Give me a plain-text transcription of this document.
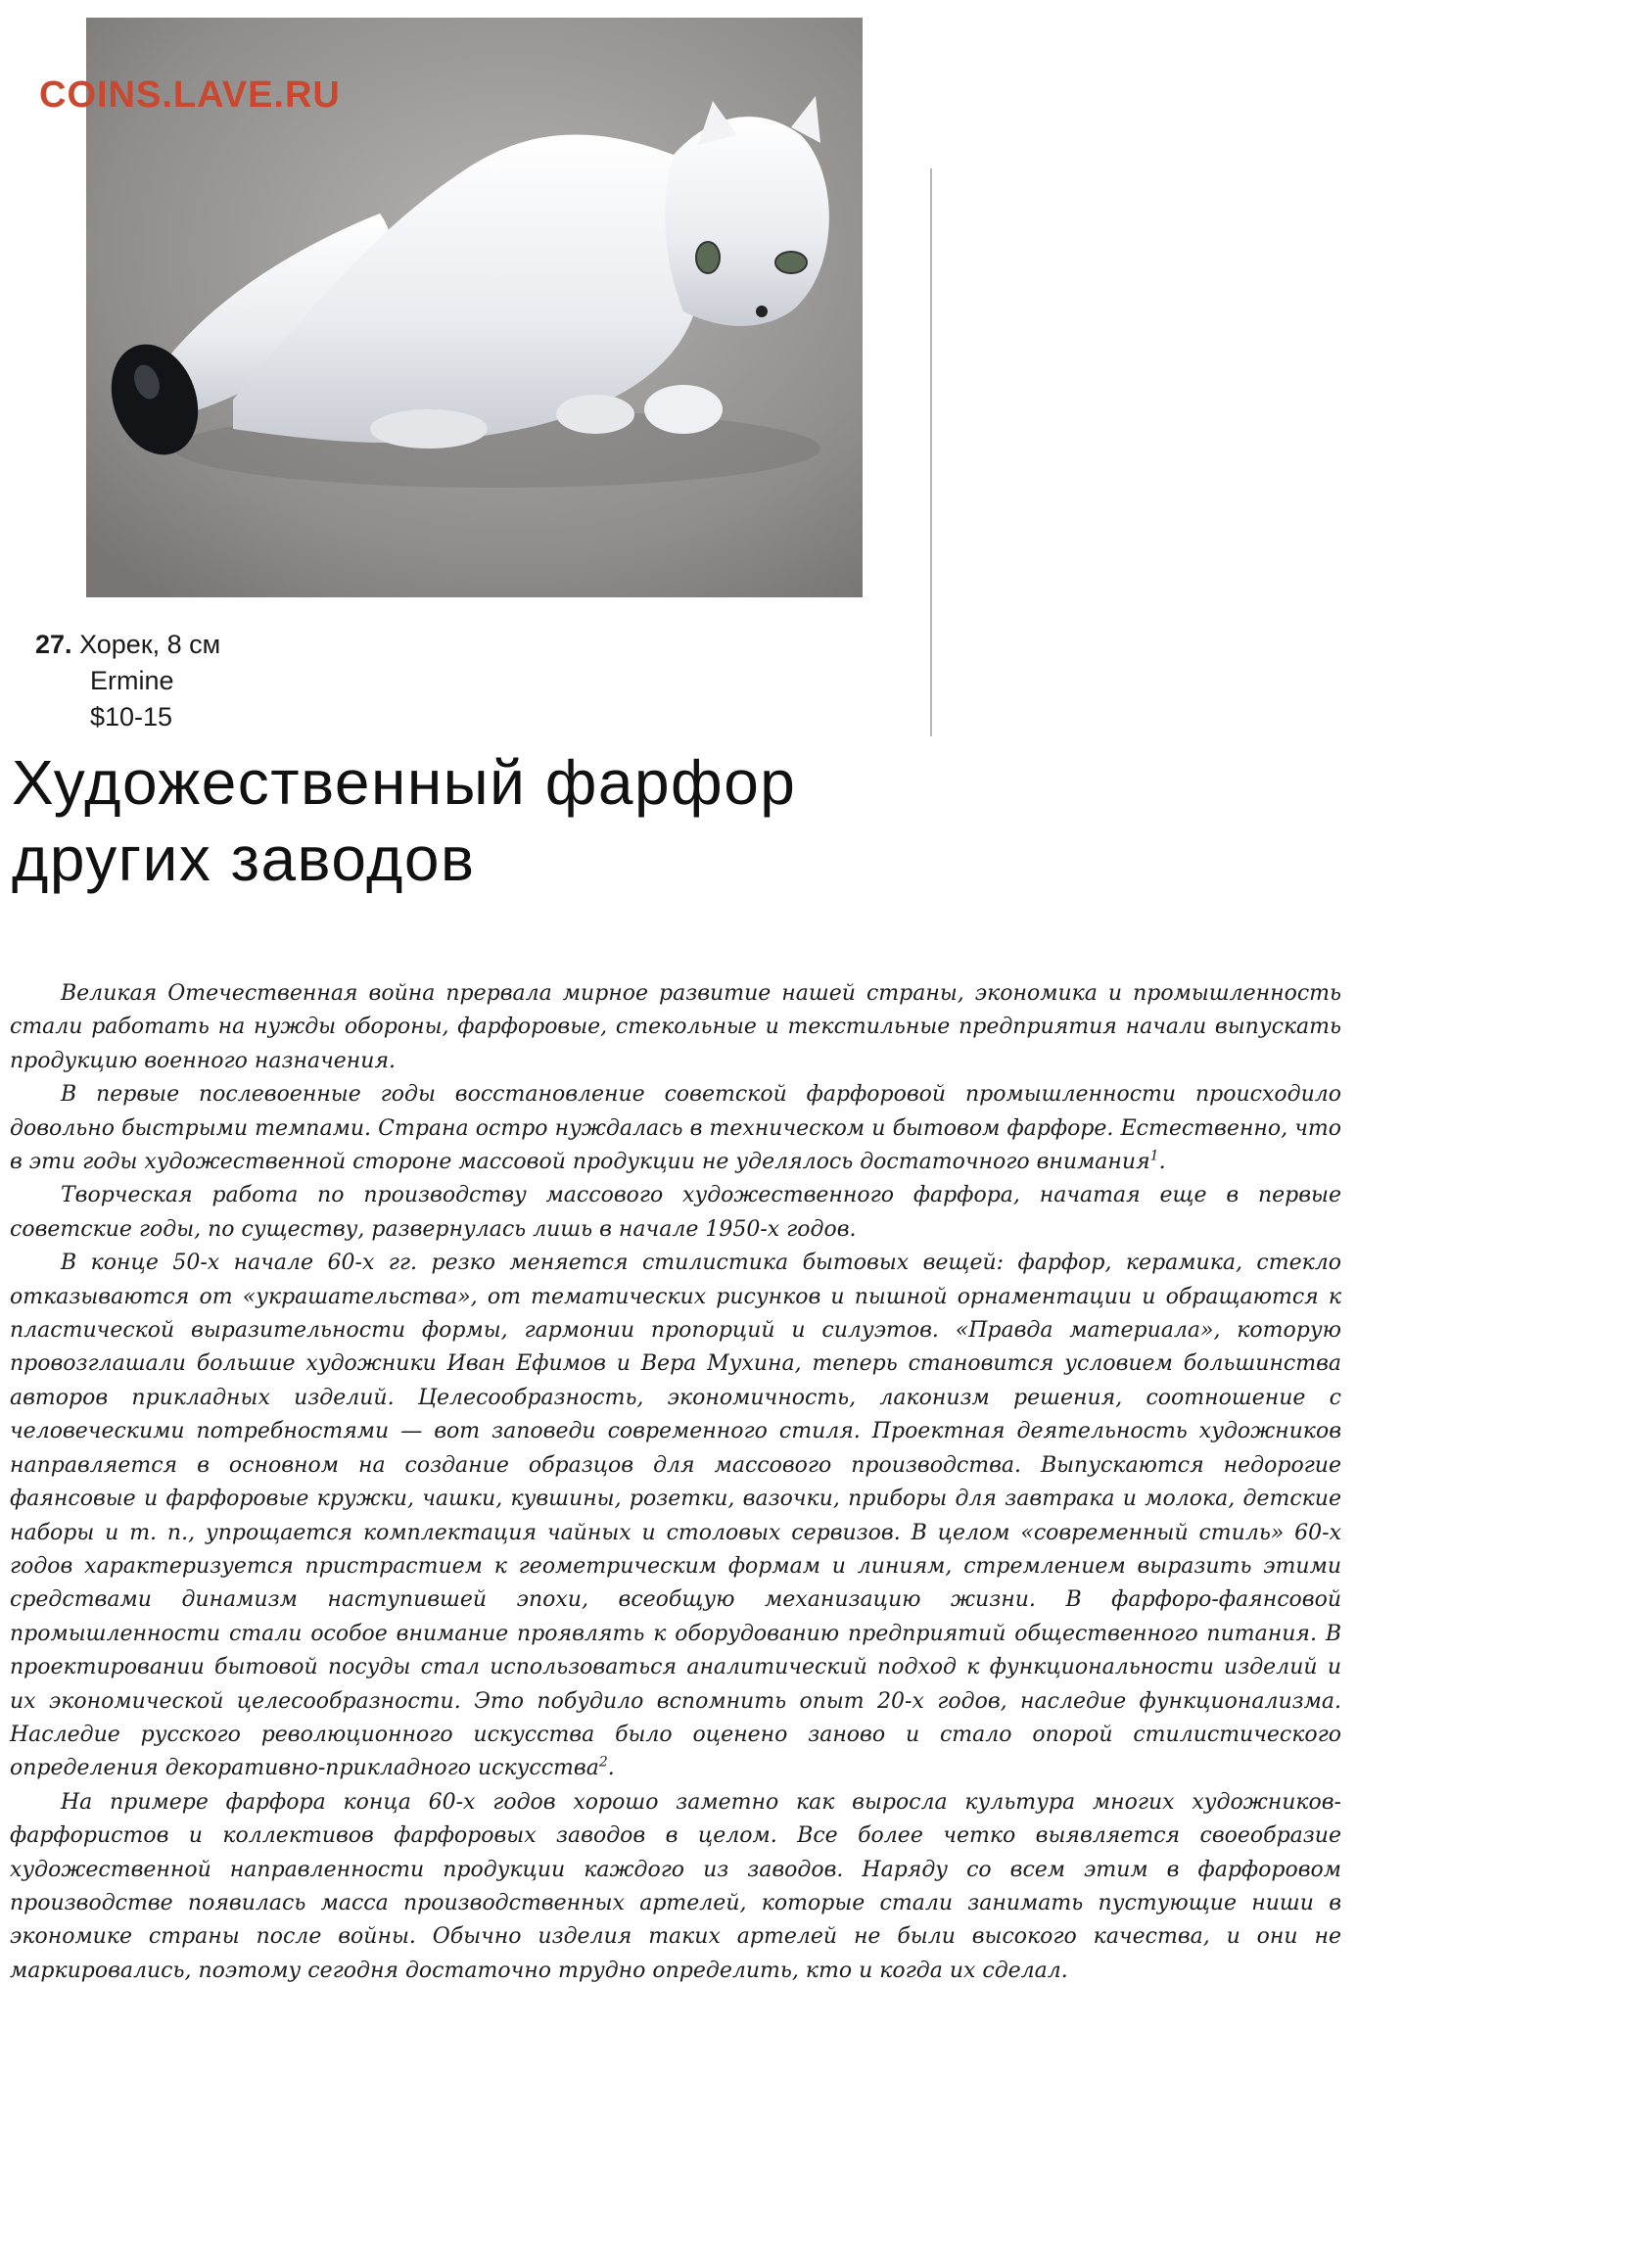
COINS.LAVE.RU
27. Хорек, 8 см
Ermine
$10-15
Художественный фарфор
других заводов

Великая Отечественная война прервала мирное развитие нашей страны, экономика и промышленность стали работать на нужды обороны, фарфоровые, стекольные и текстильные предприятия начали выпускать продукцию военного назначения.

В первые послевоенные годы восстановление советской фарфоровой промышленности происходило довольно быстрыми темпами. Страна остро нуждалась в техническом и бытовом фарфоре. Естественно, что в эти годы художественной стороне массовой продукции не уделялось достаточного внимания$^1$.

Творческая работа по производству массового художественного фарфора, начатая еще в первые советские годы, по существу, развернулась лишь в начале 1950-х годов.

В конце 50-х начале 60-х гг. резко меняется стилистика бытовых вещей: фарфор, керамика, стекло отказываются от «украшательства», от тематических рисунков и пышной орнаментации и обращаются к пластической выразительности формы, гармонии пропорций и силуэтов. «Правда материала», которую провозглашали большие художники Иван Ефимов и Вера Мухина, теперь становится условием большинства авторов прикладных изделий. Целесообразность, экономичность, лаконизм решения, соотношение с человеческими потребностями — вот заповеди современного стиля. Проектная деятельность художников направляется в основном на создание образцов для массового производства. Выпускаются недорогие фаянсовые и фарфоровые кружки, чашки, кувшины, розетки, вазочки, приборы для завтрака и молока, детские наборы и т. п., упрощается комплектация чайных и столовых сервизов. В целом «современный стиль» 60-х годов характеризуется пристрастием к геометрическим формам и линиям, стремлением выразить этими средствами динамизм наступившей эпохи, всеобщую механизацию жизни. В фарфоро-фаянсовой промышленности стали особое внимание проявлять к оборудованию предприятий общественного питания. В проектировании бытовой посуды стал использоваться аналитический подход к функциональности изделий и их экономической целесообразности. Это побудило вспомнить опыт 20-х годов, наследие функционализма. Наследие русского революционного искусства было оценено заново и стало опорой стилистического определения декоративно-прикладного искусства$^2$.

На примере фарфора конца 60-х годов хорошо заметно как выросла культура многих художников-фарфористов и коллективов фарфоровых заводов в целом. Все более четко выявляется своеобразие художественной направленности продукции каждого из заводов. Наряду со всем этим в фарфоровом производстве появилась масса производственных артелей, которые стали занимать пустующие ниши в экономике страны после войны. Обычно изделия таких артелей не были высокого качества, и они не маркировались, поэтому сегодня достаточно трудно определить, кто и когда их сделал.
